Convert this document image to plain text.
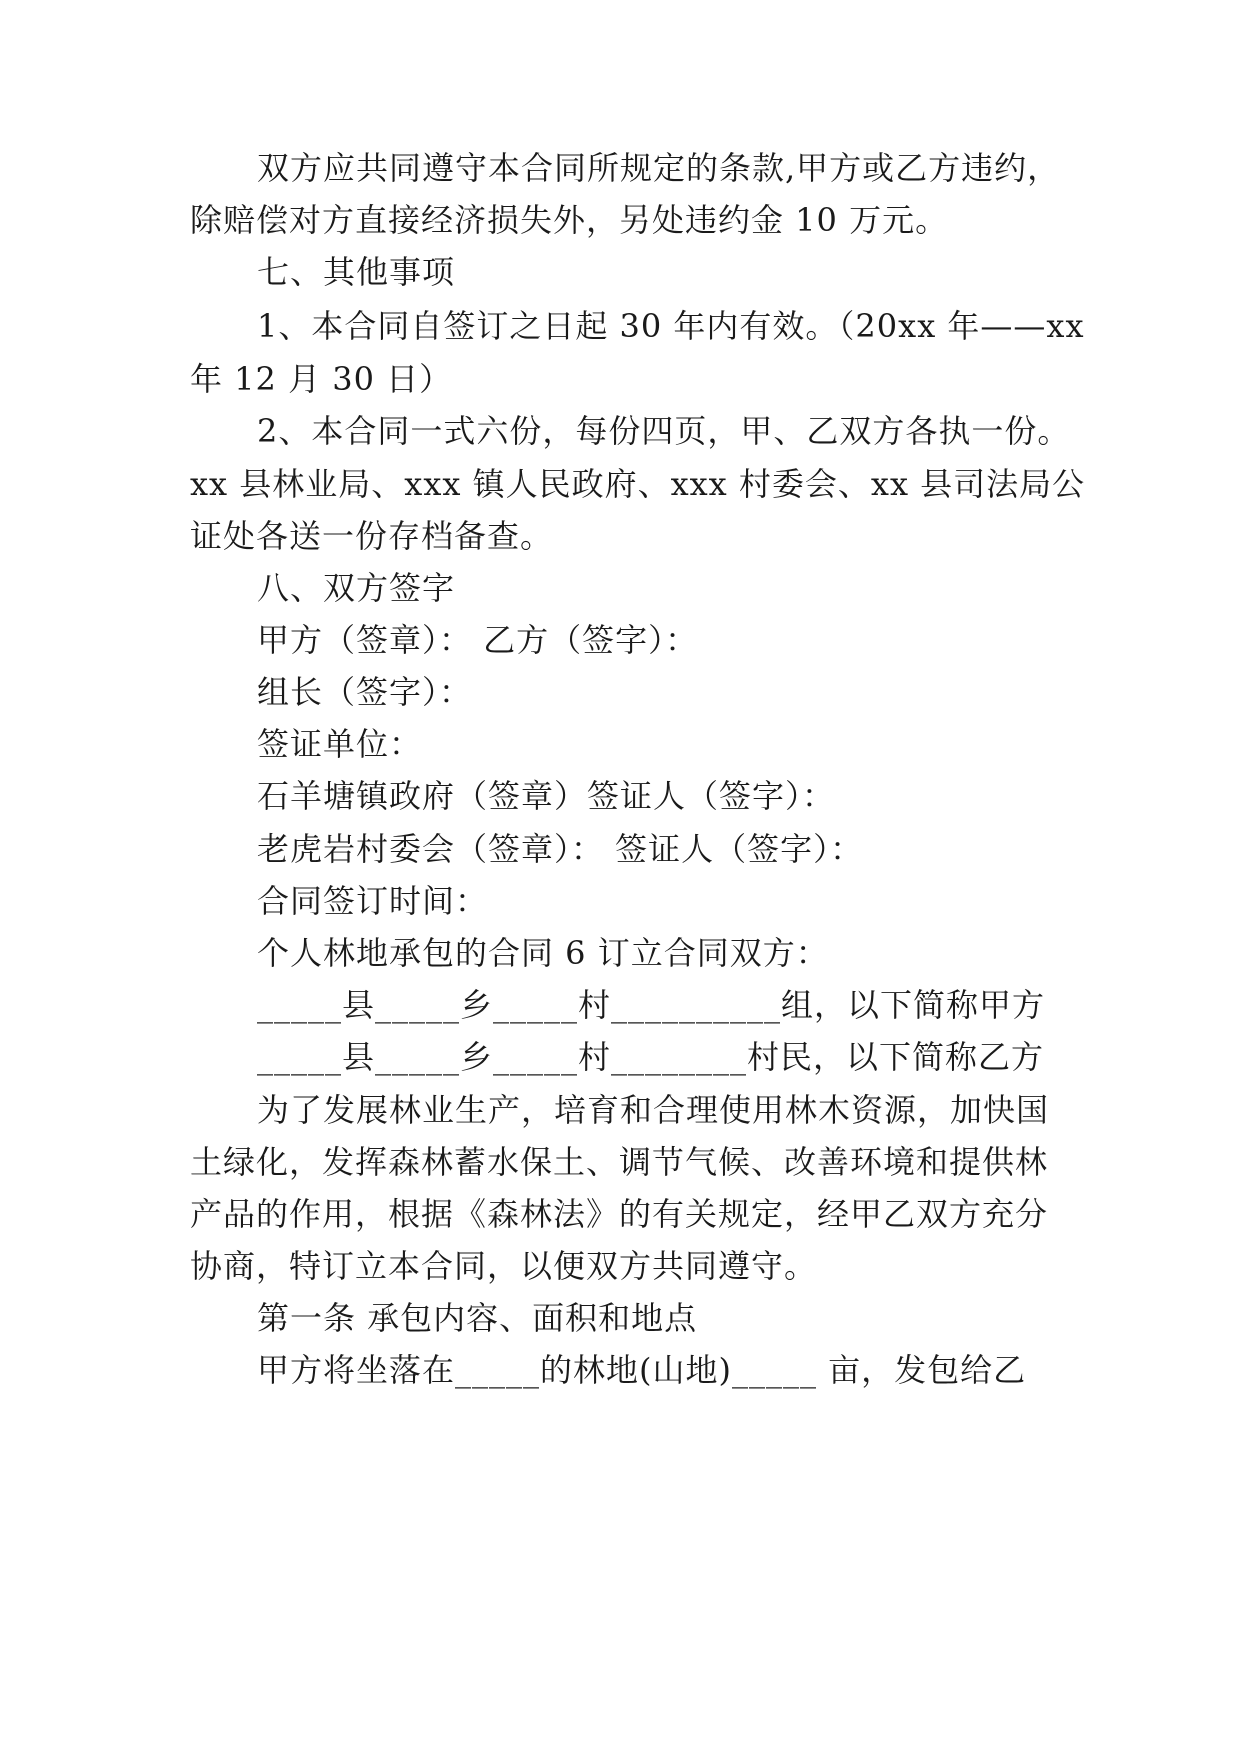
双方应共同遵守本合同所规定的条款,甲方或乙方违约，
除赔偿对方直接经济损失外，另处违约金 10 万元。
七、其他事项
1、本合同自签订之日起 30 年内有效。（20xx 年——xx
年 12 月 30 日）
2、本合同一式六份，每份四页，甲、乙双方各执一份。
xx 县林业局、xxx 镇人民政府、xxx 村委会、xx 县司法局公
证处各送一份存档备查。
八、双方签字
甲方（签章）： 乙方（签字）：
组长（签字）：
签证单位：
石羊塘镇政府（签章）签证人（签字）：
老虎岩村委会（签章）： 签证人（签字）：
合同签订时间：
个人林地承包的合同 6 订立合同双方：
_____县_____乡_____村__________组，以下简称甲方
_____县_____乡_____村________村民，以下简称乙方
为了发展林业生产，培育和合理使用林木资源，加快国
土绿化，发挥森林蓄水保土、调节气候、改善环境和提供林
产品的作用，根据《森林法》的有关规定，经甲乙双方充分
协商，特订立本合同，以便双方共同遵守。
第一条 承包内容、面积和地点
甲方将坐落在_____的林地(山地)_____ 亩，发包给乙
